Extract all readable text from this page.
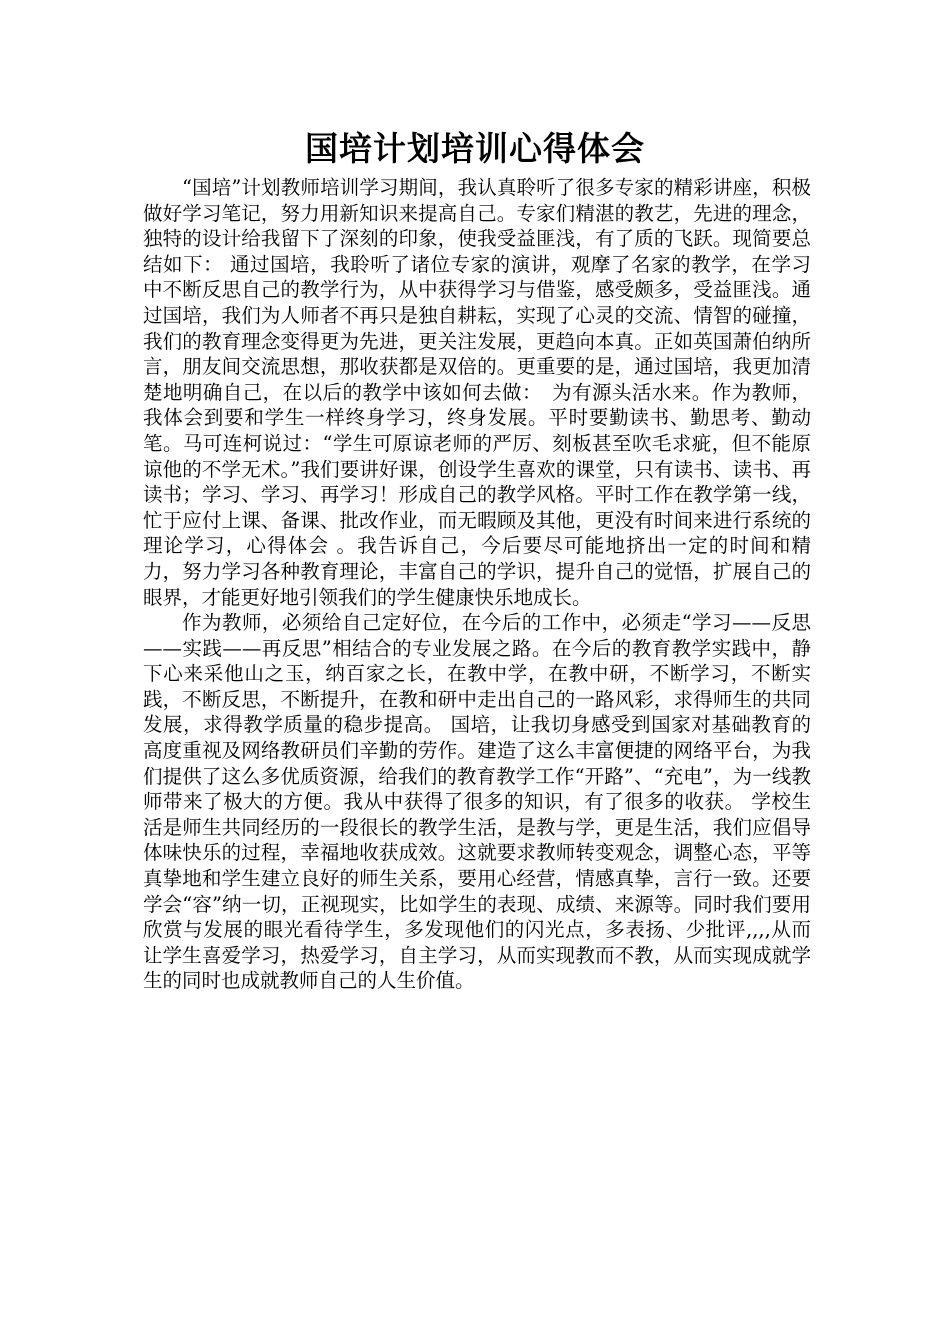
国培计划培训心得体会

“国培”计划教师培训学习期间，我认真聆听了很多专家的精彩讲座，积极做好学习笔记，努力用新知识来提高自己。专家们精湛的教艺，先进的理念，独特的设计给我留下了深刻的印象，使我受益匪浅，有了质的飞跃。现简要总结如下： 通过国培，我聆听了诸位专家的演讲，观摩了名家的教学，在学习中不断反思自己的教学行为，从中获得学习与借鉴，感受颇多，受益匪浅。通过国培，我们为人师者不再只是独自耕耘，实现了心灵的交流、情智的碰撞，我们的教育理念变得更为先进，更关注发展，更趋向本真。正如英国萧伯纳所言，朋友间交流思想，那收获都是双倍的。更重要的是，通过国培，我更加清楚地明确自己，在以后的教学中该如何去做：　为有源头活水来。作为教师，我体会到要和学生一样终身学习，终身发展。平时要勤读书、勤思考、勤动笔。马可连柯说过：“学生可原谅老师的严厉、刻板甚至吹毛求疵，但不能原谅他的不学无术。”我们要讲好课，创设学生喜欢的课堂，只有读书、读书、再读书；学习、学习、再学习！形成自己的教学风格。平时工作在教学第一线，忙于应付上课、备课、批改作业，而无暇顾及其他，更没有时间来进行系统的理论学习，心得体会 。我告诉自己，今后要尽可能地挤出一定的时间和精力，努力学习各种教育理论，丰富自己的学识，提升自己的觉悟，扩展自己的眼界，才能更好地引领我们的学生健康快乐地成长。

作为教师，必须给自己定好位，在今后的工作中，必须走“学习——反思——实践——再反思”相结合的专业发展之路。在今后的教育教学实践中，静下心来采他山之玉，纳百家之长，在教中学，在教中研，不断学习，不断实践，不断反思，不断提升，在教和研中走出自己的一路风彩，求得师生的共同发展，求得教学质量的稳步提高。 国培，让我切身感受到国家对基础教育的高度重视及网络教研员们辛勤的劳作。建造了这么丰富便捷的网络平台，为我们提供了这么多优质资源，给我们的教育教学工作“开路”、“充电”，为一线教师带来了极大的方便。我从中获得了很多的知识，有了很多的收获。 学校生活是师生共同经历的一段很长的教学生活，是教与学，更是生活，我们应倡导体味快乐的过程，幸福地收获成效。这就要求教师转变观念，调整心态，平等真挚地和学生建立良好的师生关系，要用心经营，情感真挚，言行一致。还要学会“容”纳一切，正视现实，比如学生的表现、成绩、来源等。同时我们要用欣赏与发展的眼光看待学生，多发现他们的闪光点，多表扬、少批评,,,,从而让学生喜爱学习，热爱学习，自主学习，从而实现教而不教，从而实现成就学生的同时也成就教师自己的人生价值。
